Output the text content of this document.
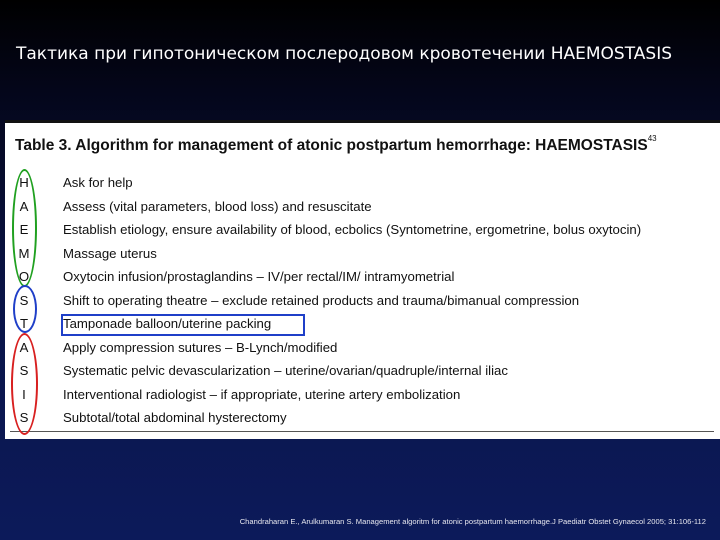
Тактика при гипотоническом послеродовом кровотечении HAEMOSTASIS
Table 3. Algorithm for management of atonic postpartum hemorrhage: HAEMOSTASIS$^{43}$
H	Ask for help
A	Assess (vital parameters, blood loss) and resuscitate
E	Establish etiology, ensure availability of blood, ecbolics (Syntometrine, ergometrine, bolus oxytocin)
M	Massage uterus
O	Oxytocin infusion/prostaglandins – IV/per rectal/IM/ intramyometrial
S	Shift to operating theatre – exclude retained products and trauma/bimanual compression
T	Tamponade balloon/uterine packing
A	Apply compression sutures – B-Lynch/modified
S	Systematic pelvic devascularization – uterine/ovarian/quadruple/internal iliac
I	Interventional radiologist – if appropriate, uterine artery embolization
S	Subtotal/total abdominal hysterectomy
Chandraharan E., Arulkumaran S. Management algoritm for atonic postpartum haemorrhage.J Paediatr Obstet Gynaecol 2005; 31:106-112
